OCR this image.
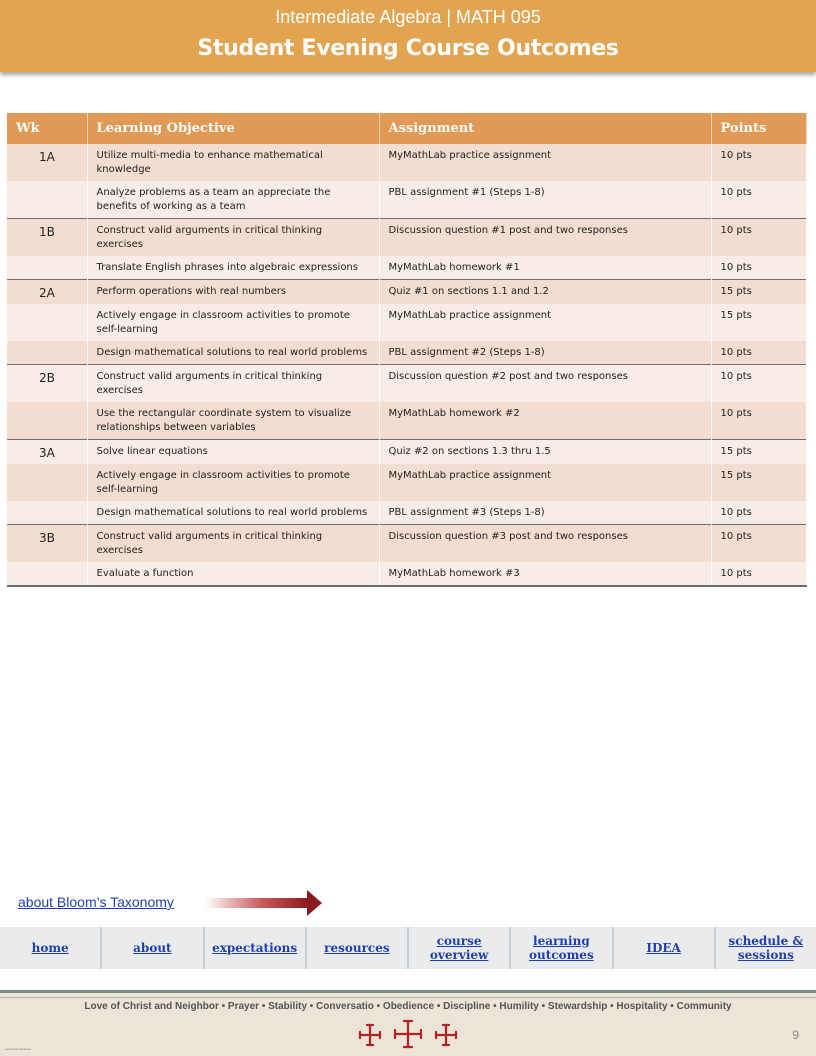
Intermediate Algebra | MATH 095
Student Evening Course Outcomes
Wk	Learning Objective	Assignment	Points
1A	Utilize multi-media to enhance mathematical knowledge	MyMathLab practice assignment	10 pts
	Analyze problems as a team an appreciate the benefits of working as a team	PBL assignment #1 (Steps 1-8)	10 pts
1B	Construct valid arguments in critical thinking exercises	Discussion question #1 post and two responses	10 pts
	Translate English phrases into algebraic expressions	MyMathLab homework #1	10 pts
2A	Perform operations with real numbers	Quiz #1 on sections 1.1 and 1.2	15 pts
	Actively engage in classroom activities to promote self-learning	MyMathLab practice assignment	15 pts
	Design mathematical solutions to real world problems	PBL assignment #2 (Steps 1-8)	10 pts
2B	Construct valid arguments in critical thinking exercises	Discussion question #2 post and two responses	10 pts
	Use the rectangular coordinate system to visualize relationships between variables	MyMathLab homework #2	10 pts
3A	Solve linear equations	Quiz #2 on sections 1.3 thru 1.5	15 pts
	Actively engage in classroom activities to promote self-learning	MyMathLab practice assignment	15 pts
	Design mathematical solutions to real world problems	PBL assignment #3 (Steps 1-8)	10 pts
3B	Construct valid arguments in critical thinking exercises	Discussion question #3 post and two responses	10 pts
	Evaluate a function	MyMathLab homework #3	10 pts
about Bloom’s Taxonomy
home	about	expectations	resources	course overview
learning outcomes	IDEA	schedule & sessions
Love of Christ and Neighbor • Prayer • Stability • Conversatio • Obedience • Discipline • Humility • Stewardship • Hospitality • Community
9
Learning Outcomes
